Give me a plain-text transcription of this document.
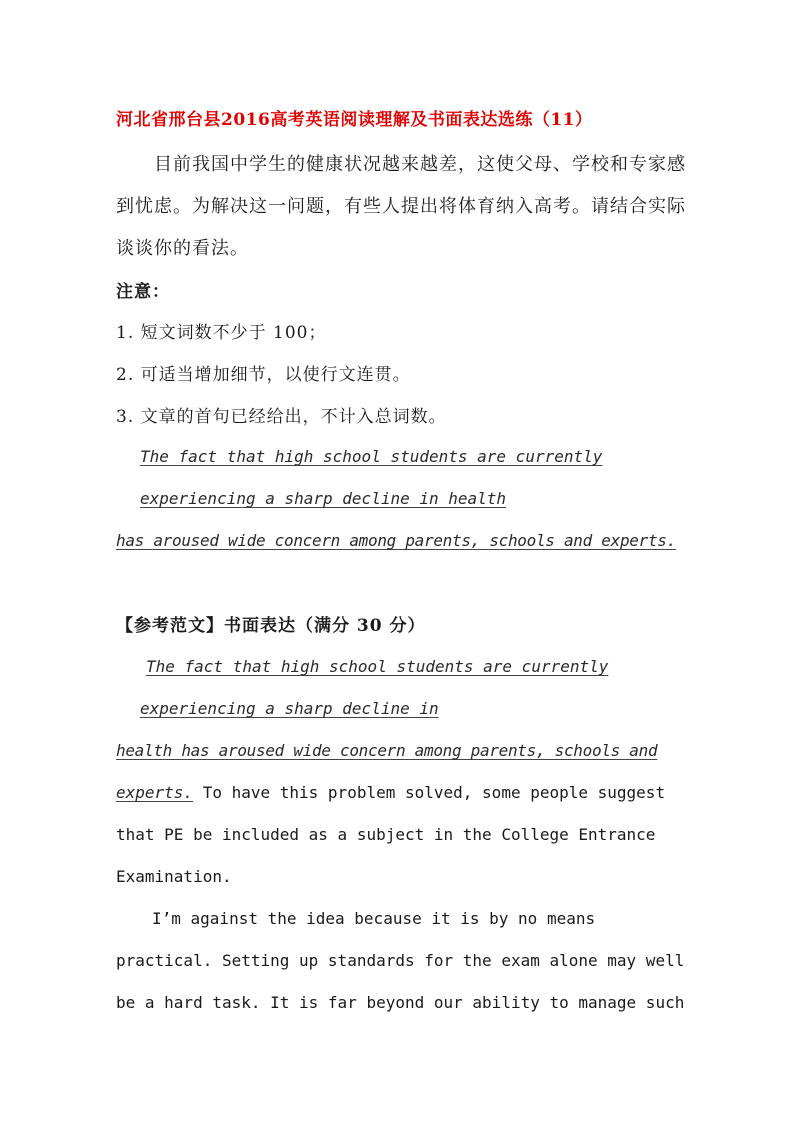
河北省邢台县2016高考英语阅读理解及书面表达选练（11）
目前我国中学生的健康状况越来越差，这使父母、学校和专家感
到忧虑。为解决这一问题，有些人提出将体育纳入高考。请结合实际
谈谈你的看法。
注意：
1. 短文词数不少于 100；
2. 可适当增加细节，以使行文连贯。
3. 文章的首句已经给出，不计入总词数。
The fact that high school students are currently
experiencing a sharp decline in health
has aroused wide concern among parents, schools and experts.
【参考范文】书面表达（满分 30 分）
The fact that high school students are currently
experiencing a sharp decline in
health has aroused wide concern among parents, schools and
experts. To have this problem solved, some people suggest
that PE be included as a subject in the College Entrance
Examination.
I’m against the idea because it is by no means
practical. Setting up standards for the exam alone may well
be a hard task. It is far beyond our ability to manage such
